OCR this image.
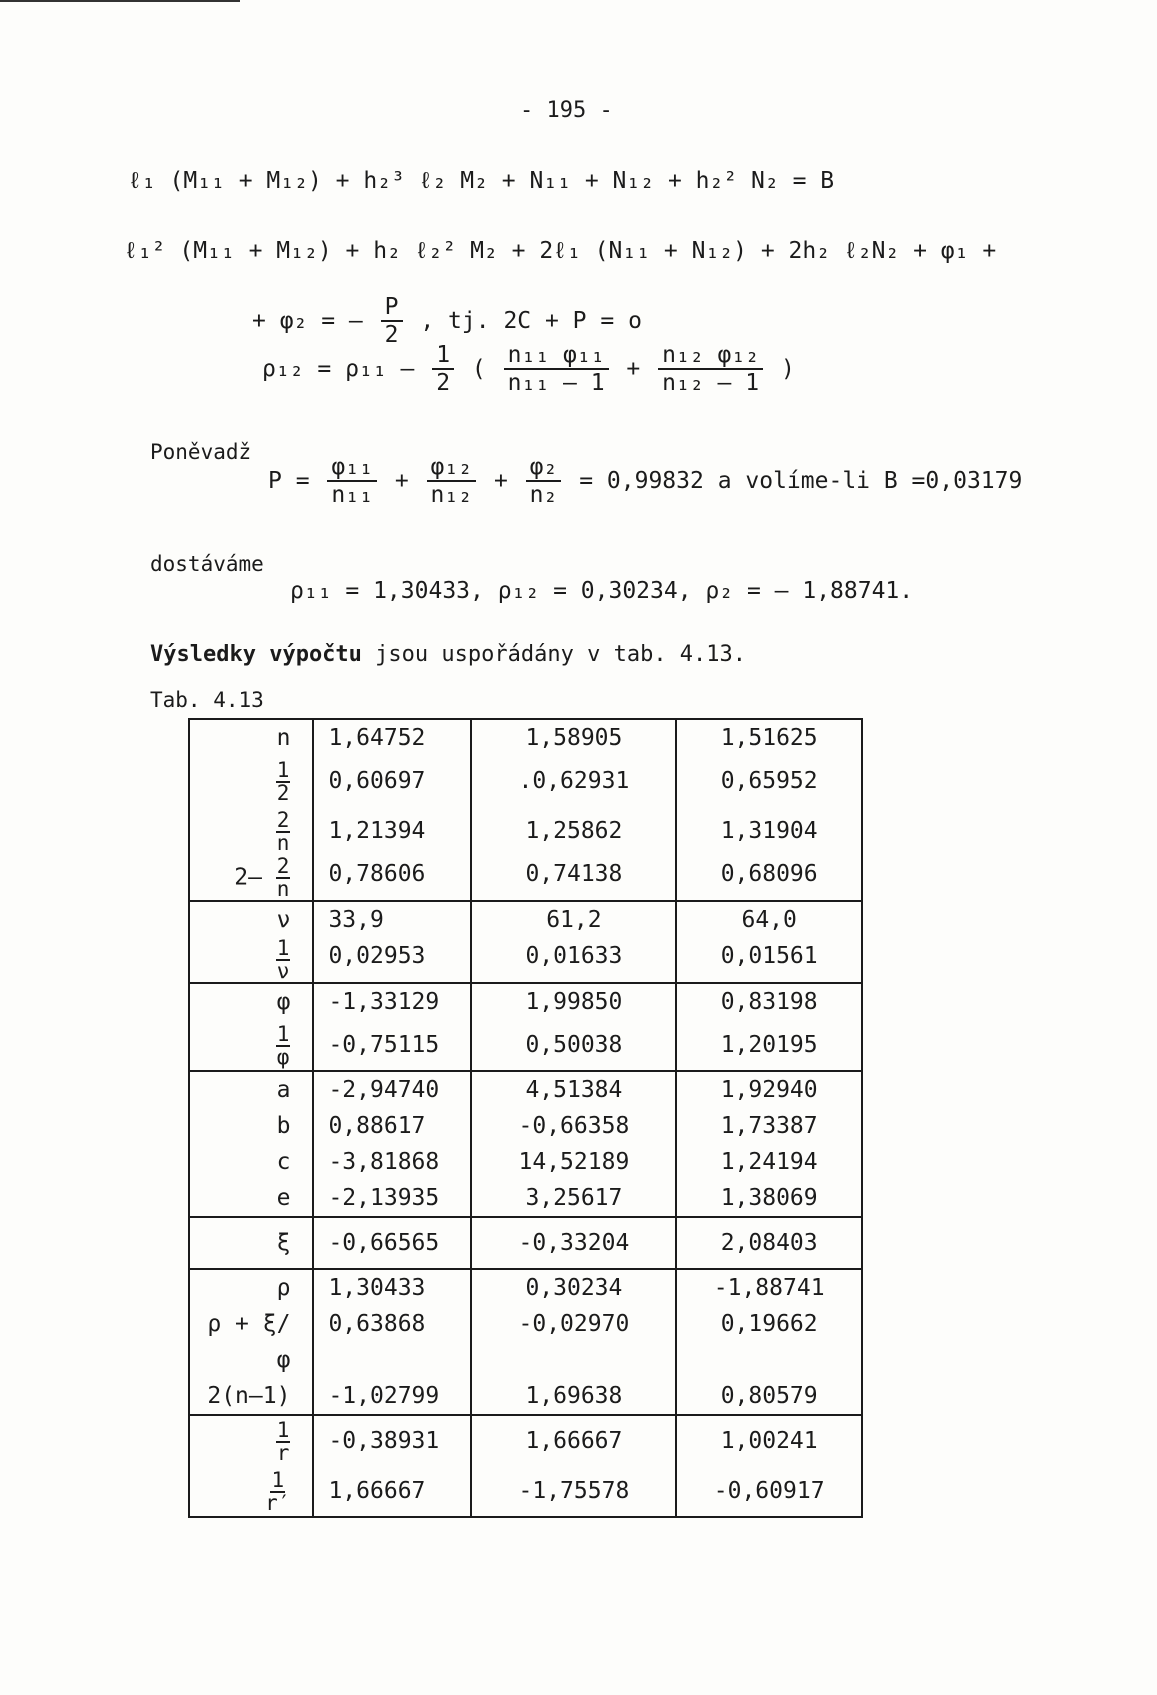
- 195 -
ℓ₁ (M₁₁ + M₁₂) + h₂³ ℓ₂ M₂ + N₁₁ + N₁₂ + h₂² N₂ = B
ℓ₁² (M₁₁ + M₁₂) + h₂ ℓ₂² M₂ + 2ℓ₁ (N₁₁ + N₁₂) + 2h₂ ℓ₂N₂ + φ₁ +
+ φ₂ = – $\frac{P}{2}$ , tj. 2C + P = o
$\rho_{12} = \rho_{11} - \frac{1}{2}$ ( $\frac{\text{n₁₁ φ₁₁}}{\text{n₁₁ – 1}} + \frac{\text{n₁₂ φ₁₂}}{\text{n₁₂ – 1}}$ )
Poněvadž
$P = \frac{\text{φ₁₁}}{\text{n₁₁}} + \frac{\text{φ₁₂}}{\text{n₁₂}} + \frac{\text{φ₂}}{\text{n₂}} = 0,99832$ a volíme-li B =0,03179
dostáváme
ρ₁₁ = 1,30433, ρ₁₂ = 0,30234, ρ₂ = – 1,88741.
Výsledky výpočtu jsou uspořádány v tab. 4.13.
Tab. 4.13
n	1,64752	1,58905	1,51625

$\frac{1}{2}$	0,60697	.0,62931	0,65952

$\frac{2}{n}$	1,21394	1,25862	1,31904
$2- \frac{2}{n}$	0,78606	0,74138	0,68096
ν	33,9	61,2	64,0

$\frac{1}{\nu}$	0,02953	0,01633	0,01561
φ	-1,33129	1,99850	0,83198

$\frac{1}{\varphi}$	-0,75115	0,50038	1,20195
a	-2,94740	4,51384	1,92940
b	0,88617	-0,66358	1,73387
c	-3,81868	14,52189	1,24194
e	-2,13935	3,25617	1,38069
ξ	-0,66565	-0,33204	2,08403
ρ	1,30433	0,30234	-1,88741
ρ + ξ/φ	0,63868	-0,02970	0,19662
2(n–1)	-1,02799	1,69638	0,80579

$\frac{1}{r}$	-0,38931	1,66667	1,00241

$\frac{1}{r'}$	1,66667	-1,75578	-0,60917
